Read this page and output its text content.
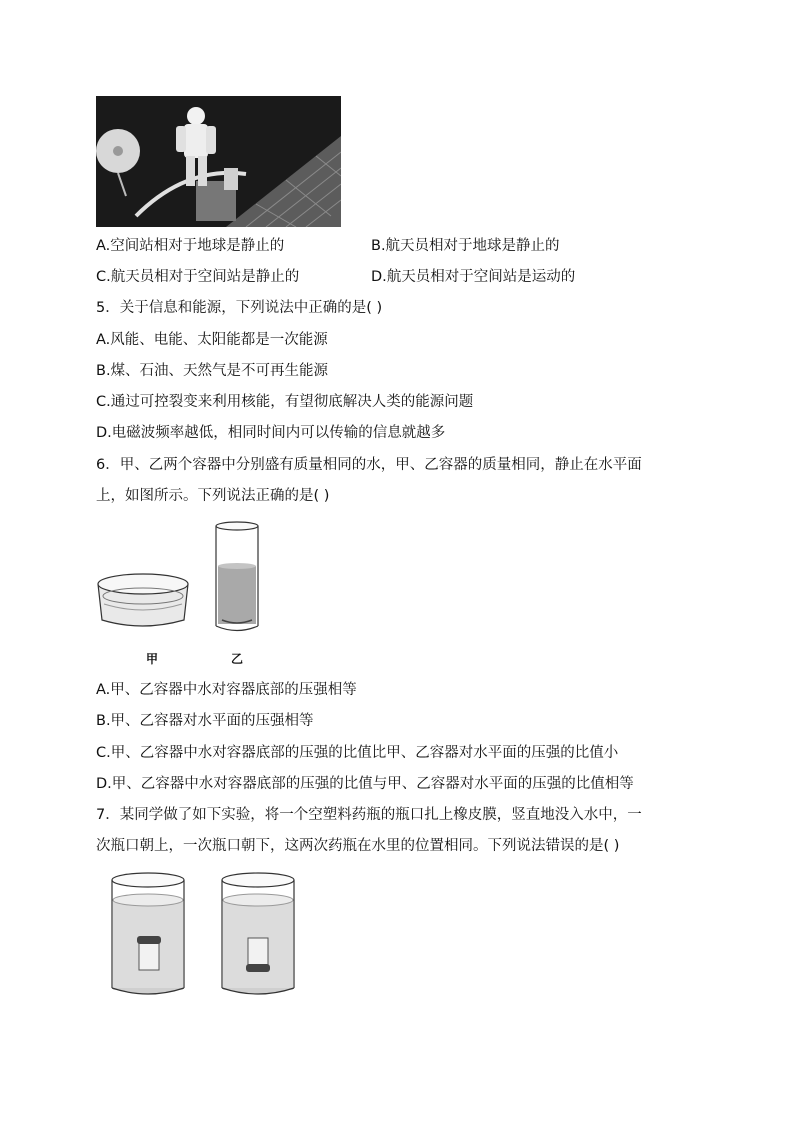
A.空间站相对于地球是静止的	B.航天员相对于地球是静止的
C.航天员相对于空间站是静止的	D.航天员相对于空间站是运动的
5．关于信息和能源，下列说法中正确的是( )
A.风能、电能、太阳能都是一次能源
B.煤、石油、天然气是不可再生能源
C.通过可控裂变来利用核能，有望彻底解决人类的能源问题
D.电磁波频率越低，相同时间内可以传输的信息就越多
6．甲、乙两个容器中分别盛有质量相同的水，甲、乙容器的质量相同，静止在水平面
上，如图所示。下列说法正确的是( )
甲	乙
A.甲、乙容器中水对容器底部的压强相等
B.甲、乙容器对水平面的压强相等
C.甲、乙容器中水对容器底部的压强的比值比甲、乙容器对水平面的压强的比值小
D.甲、乙容器中水对容器底部的压强的比值与甲、乙容器对水平面的压强的比值相等
7．某同学做了如下实验，将一个空塑料药瓶的瓶口扎上橡皮膜，竖直地没入水中，一
次瓶口朝上，一次瓶口朝下，这两次药瓶在水里的位置相同。下列说法错误的是( )
